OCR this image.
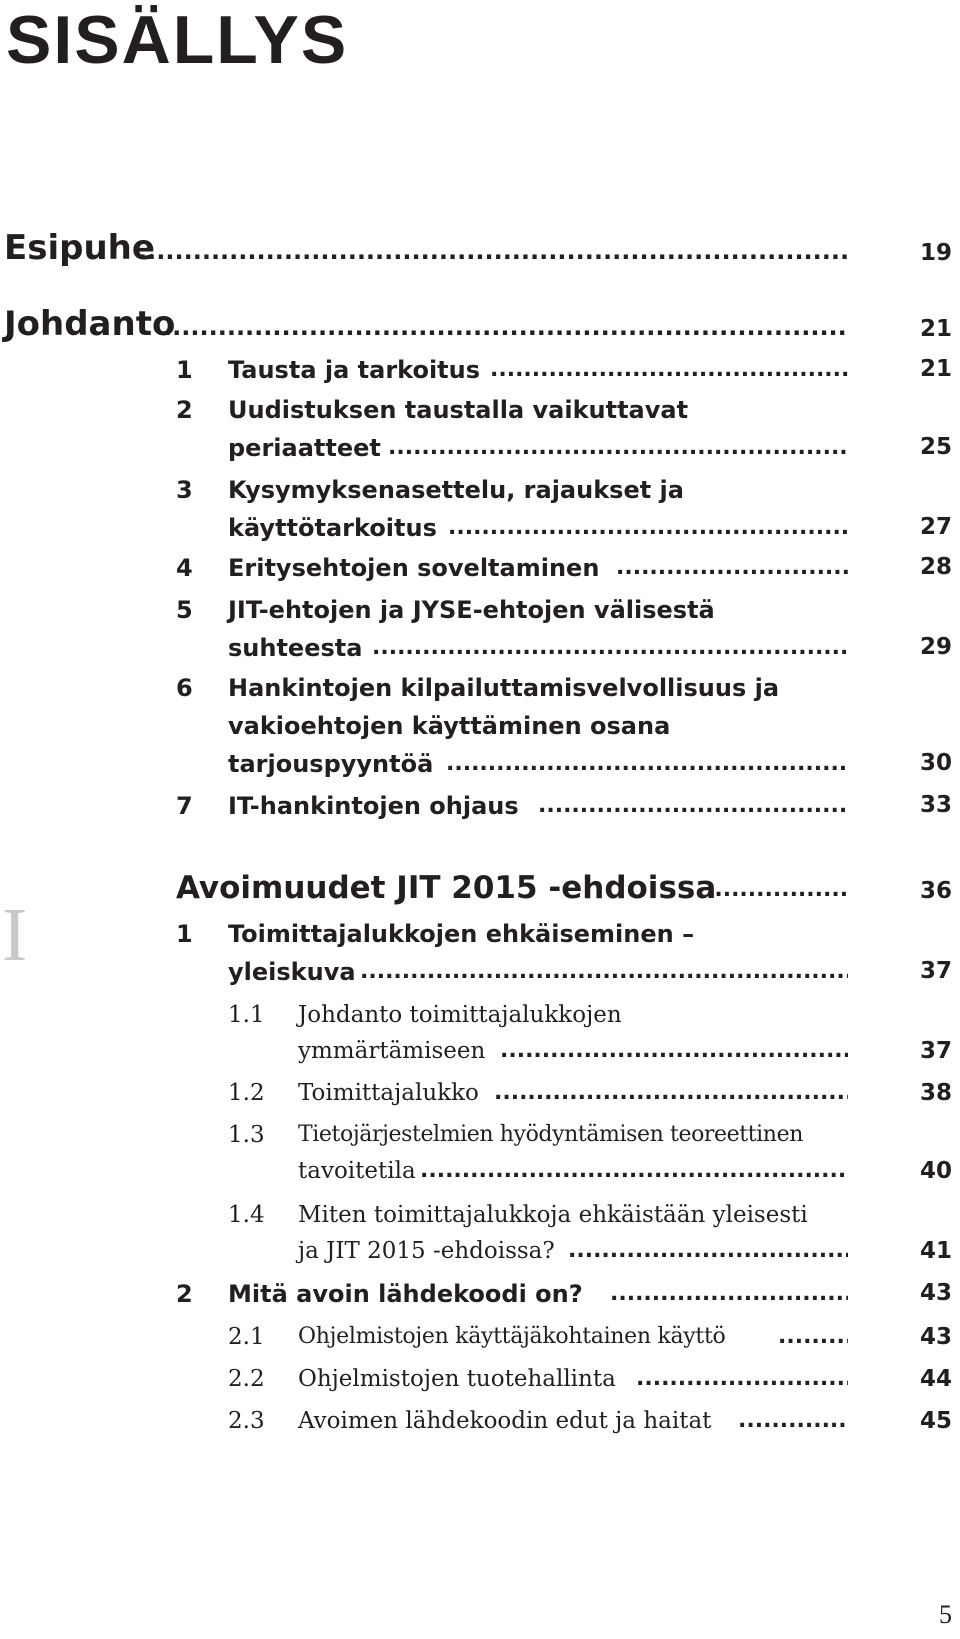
SISÄLLYS
I
Esipuhe .....	19
Johdanto .....	21
1 Tausta ja tarkoitus .....	21
2 Uudistuksen taustalla vaikuttavat
periaatteet .....	25
3 Kysymyksenasettelu, rajaukset ja
käyttötarkoitus .....	27
4 Eritysehtojen soveltaminen .....	28
5 JIT-ehtojen ja JYSE-ehtojen välisestä
suhteesta .....	29
6 Hankintojen kilpailuttamisvelvollisuus ja
vakioehtojen käyttäminen osana
tarjouspyyntöä .....	30
7 IT-hankintojen ohjaus .....	33
Avoimuudet JIT 2015 -ehdoissa .....	36
1 Toimittajalukkojen ehkäiseminen –
yleiskuva .....	37
1.1 Johdanto toimittajalukkojen
ymmärtämiseen .....	37
1.2 Toimittajalukko .....	38
1.3 Tietojärjestelmien hyödyntämisen teoreettinen
tavoitetila .....	40
1.4 Miten toimittajalukkoja ehkäistään yleisesti
ja JIT 2015 -ehdoissa? .....	41
2 Mitä avoin lähdekoodi on? .....	43
2.1 Ohjelmistojen käyttäjäkohtainen käyttö .....	43
2.2 Ohjelmistojen tuotehallinta .....	44
2.3 Avoimen lähdekoodin edut ja haitat .....	45
5
